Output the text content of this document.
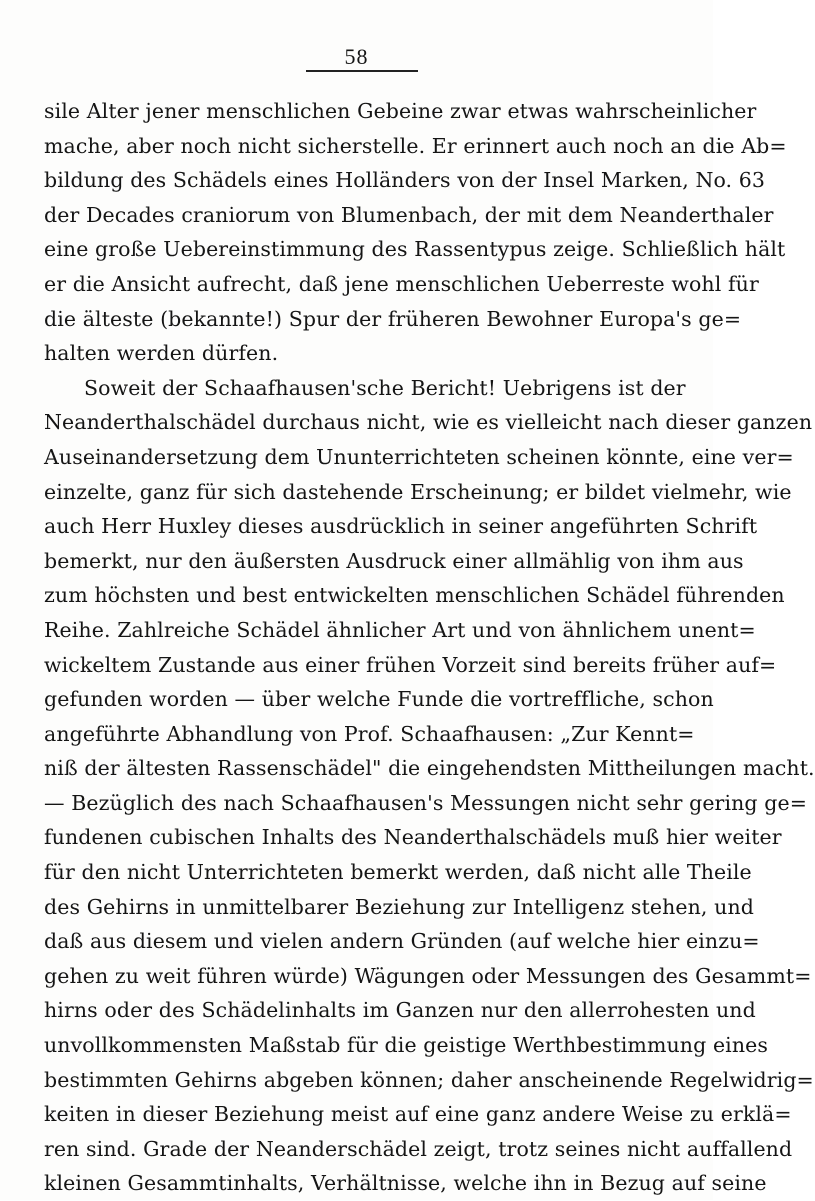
58
sile Alter jener menschlichen Gebeine zwar etwas wahrscheinlicher
mache, aber noch nicht sicherstelle. Er erinnert auch noch an die Ab=
bildung des Schädels eines Holländers von der Insel Marken, No. 63
der Decades craniorum von Blumenbach, der mit dem Neanderthaler
eine große Uebereinstimmung des Rassentypus zeige. Schließlich hält
er die Ansicht aufrecht, daß jene menschlichen Ueberreste wohl für
die älteste (bekannte!) Spur der früheren Bewohner Europa's ge=
halten werden dürfen.
Soweit der Schaafhausen'sche Bericht! Uebrigens ist der
Neanderthalschädel durchaus nicht, wie es vielleicht nach dieser ganzen
Auseinandersetzung dem Ununterrichteten scheinen könnte, eine ver=
einzelte, ganz für sich dastehende Erscheinung; er bildet vielmehr, wie
auch Herr Huxley dieses ausdrücklich in seiner angeführten Schrift
bemerkt, nur den äußersten Ausdruck einer allmählig von ihm aus
zum höchsten und best entwickelten menschlichen Schädel führenden
Reihe. Zahlreiche Schädel ähnlicher Art und von ähnlichem unent=
wickeltem Zustande aus einer frühen Vorzeit sind bereits früher auf=
gefunden worden — über welche Funde die vortreffliche, schon
angeführte Abhandlung von Prof. Schaafhausen: „Zur Kennt=
niß der ältesten Rassenschädel" die eingehendsten Mittheilungen macht.
— Bezüglich des nach Schaafhausen's Messungen nicht sehr gering ge=
fundenen cubischen Inhalts des Neanderthalschädels muß hier weiter
für den nicht Unterrichteten bemerkt werden, daß nicht alle Theile
des Gehirns in unmittelbarer Beziehung zur Intelligenz stehen, und
daß aus diesem und vielen andern Gründen (auf welche hier einzu=
gehen zu weit führen würde) Wägungen oder Messungen des Gesammt=
hirns oder des Schädelinhalts im Ganzen nur den allerrohesten und
unvollkommensten Maßstab für die geistige Werthbestimmung eines
bestimmten Gehirns abgeben können; daher anscheinende Regelwidrig=
keiten in dieser Beziehung meist auf eine ganz andere Weise zu erklä=
ren sind. Grade der Neanderschädel zeigt, trotz seines nicht auffallend
kleinen Gesammtinhalts, Verhältnisse, welche ihn in Bezug auf seine
